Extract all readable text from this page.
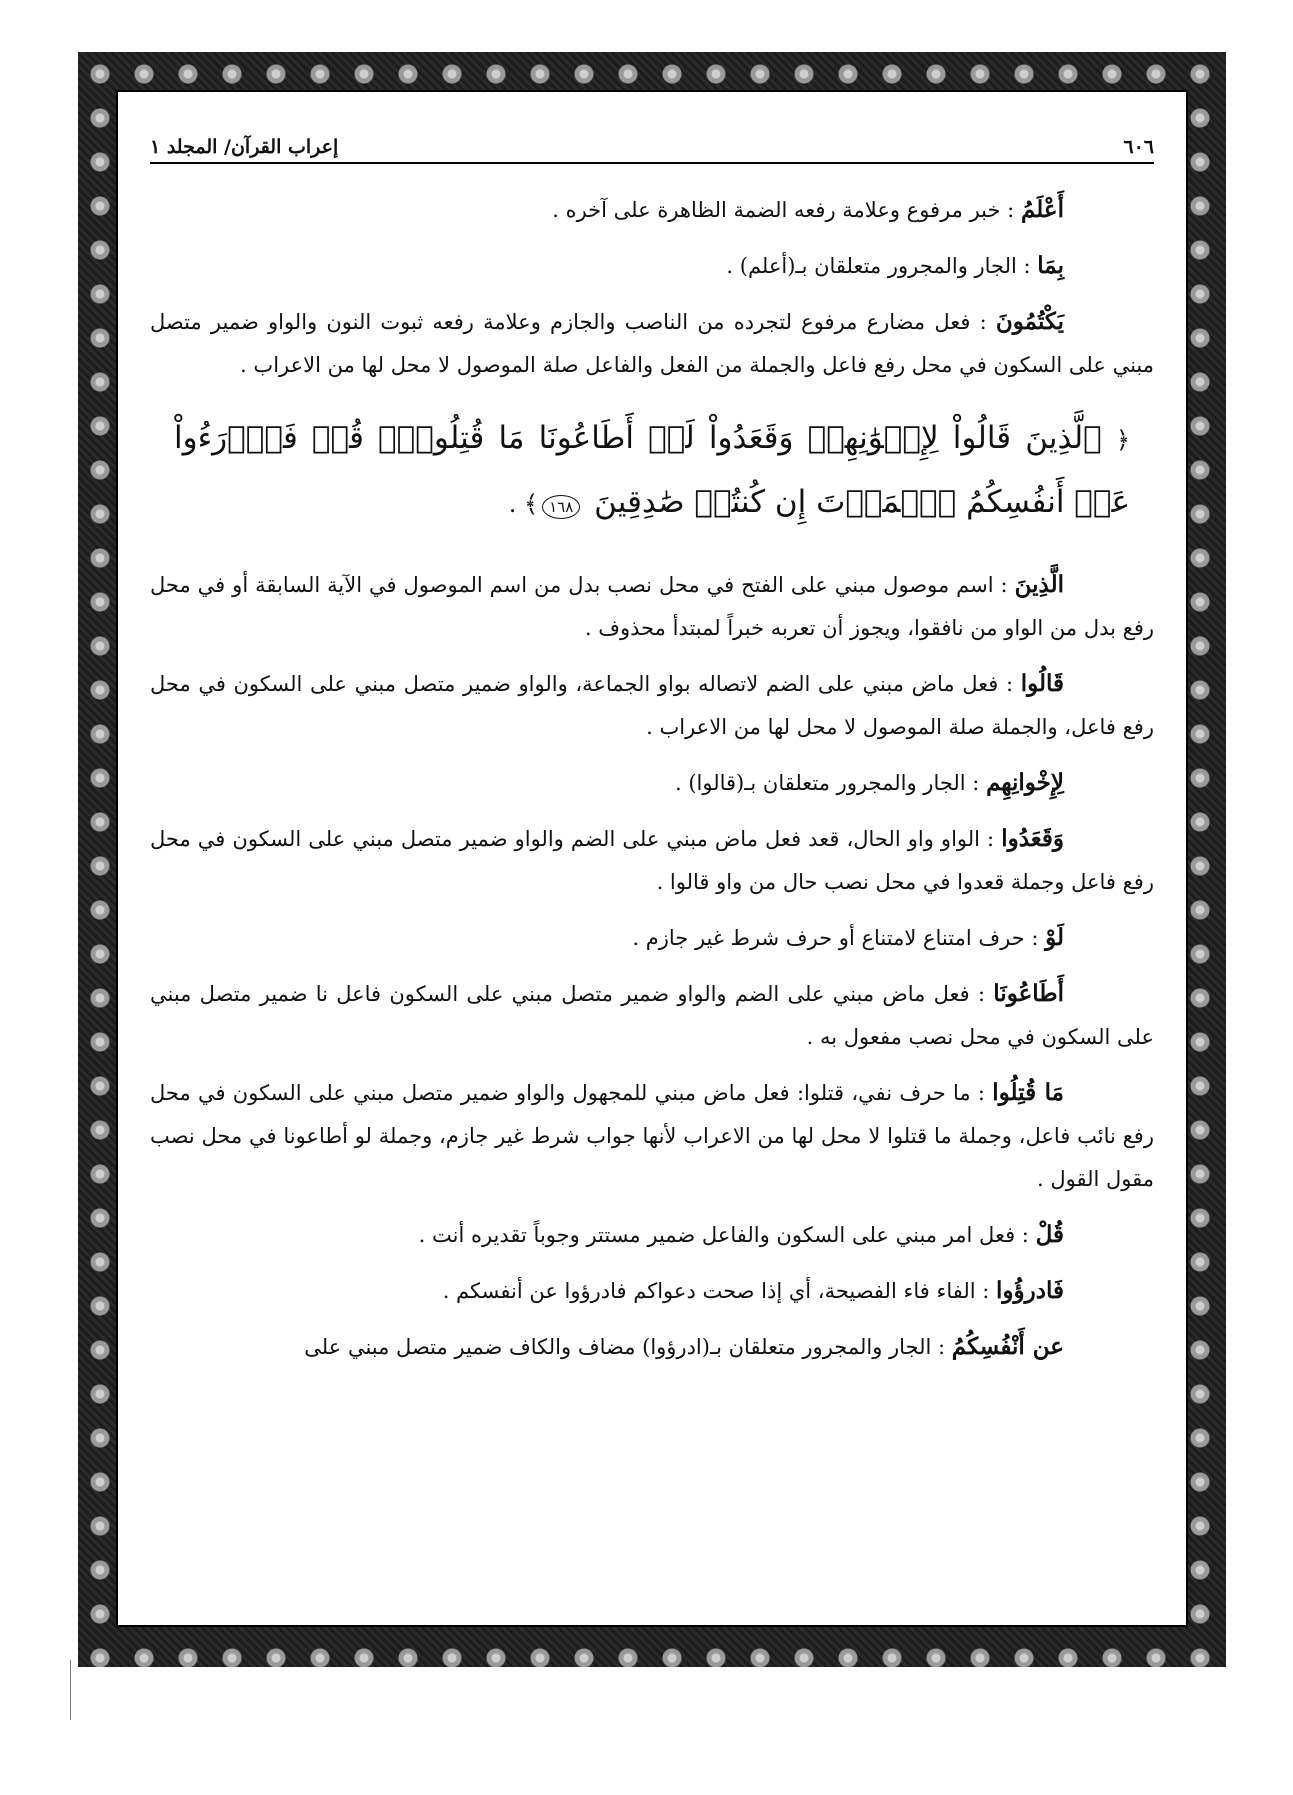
٦٠٦
إعراب القرآن/ المجلد ١

أَعْلَمُ : خبر مرفوع وعلامة رفعه الضمة الظاهرة على آخره .

بِمَا : الجار والمجرور متعلقان بـ(أعلم) .

يَكْتُمُونَ : فعل مضارع مرفوع لتجرده من الناصب والجازم وعلامة رفعه ثبوت النون والواو ضمير متصل مبني على السكون في محل رفع فاعل والجملة من الفعل والفاعل صلة الموصول لا محل لها من الاعراب .

﴿ ٱلَّذِينَ قَالُواْ لِإِخۡوَٰنِهِمۡ وَقَعَدُواْ لَوۡ أَطَاعُونَا مَا قُتِلُواْۗ قُلۡ فَٱدۡرَءُواْ عَنۡ أَنفُسِكُمُ ٱلۡمَوۡتَ إِن كُنتُمۡ صَٰدِقِينَ ١٦٨﴾ .

الَّذِينَ : اسم موصول مبني على الفتح في محل نصب بدل من اسم الموصول في الآية السابقة أو في محل رفع بدل من الواو من نافقوا، ويجوز أن تعربه خبراً لمبتدأ محذوف .

قَالُوا : فعل ماض مبني على الضم لاتصاله بواو الجماعة، والواو ضمير متصل مبني على السكون في محل رفع فاعل، والجملة صلة الموصول لا محل لها من الاعراب .

لِإِخْوانِهِم : الجار والمجرور متعلقان بـ(قالوا) .

وَقَعَدُوا : الواو واو الحال، قعد فعل ماض مبني على الضم والواو ضمير متصل مبني على السكون في محل رفع فاعل وجملة قعدوا في محل نصب حال من واو قالوا .

لَوْ : حرف امتناع لامتناع أو حرف شرط غير جازم .

أَطَاعُونَا : فعل ماض مبني على الضم والواو ضمير متصل مبني على السكون فاعل نا ضمير متصل مبني على السكون في محل نصب مفعول به .

مَا قُتِلُوا : ما حرف نفي، قتلوا: فعل ماض مبني للمجهول والواو ضمير متصل مبني على السكون في محل رفع نائب فاعل، وجملة ما قتلوا لا محل لها من الاعراب لأنها جواب شرط غير جازم، وجملة لو أطاعونا في محل نصب مقول القول .

قُلْ : فعل امر مبني على السكون والفاعل ضمير مستتر وجوباً تقديره أنت .

فَادرؤُوا : الفاء فاء الفصيحة، أي إذا صحت دعواكم فادرؤوا عن أنفسكم .

عن أَنْفُسِكُمُ : الجار والمجرور متعلقان بـ(ادرؤوا) مضاف والكاف ضمير متصل مبني على
